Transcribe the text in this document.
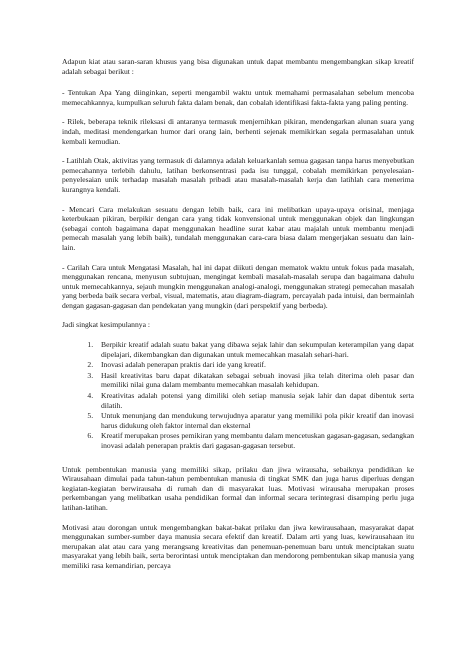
Adapun kiat atau saran-saran khusus yang bisa digunakan untuk dapat membantu mengembangkan sikap kreatif adalah sebagai berikut :

- Tentukan Apa Yang diinginkan, seperti mengambil waktu untuk memahami permasalahan sebelum mencoba memecahkannya, kumpulkan seluruh fakta dalam benak, dan cobalah identifikasi fakta-fakta yang paling penting.

- Rilek, beberapa teknik rileksasi di antaranya termasuk menjernihkan pikiran, mendengarkan alunan suara yang indah, meditasi mendengarkan humor dari orang lain, berhenti sejenak memikirkan segala permasalahan untuk kembali kemudian.

- Latihlah Otak, aktivitas yang termasuk di dalamnya adalah keluarkanlah semua gagasan tanpa harus menyebutkan pemecahannya terlebih dahulu, latihan berkonsentrasi pada isu tunggal, cobalah memikirkan penyelesaian- penyelesaian unik terhadap masalah masalah pribadi atau masalah-masalah kerja dan latihlah cara menerima kurangnya kendali.

- Mencari Cara melakukan sesuatu dengan lebih baik, cara ini melibatkan upaya-upaya orisinal, menjaga keterbukaan pikiran, berpikir dengan cara yang tidak konvensional untuk menggunakan objek dan lingkungan (sebagai contoh bagaimana dapat menggunakan headline surat kabar atau majalah untuk membantu menjadi pemecah masalah yang lebih baik), tundalah menggunakan cara-cara biasa dalam mengerjakan sesuatu dan lain-lain.

- Carilah Cara untuk Mengatasi Masalah, hal ini dapat diikuti dengan mematok waktu untuk fokus pada masalah, menggunakan rencana, menyusun subtujuan, mengingat kembali masalah-masalah serupa dan bagaimana dahulu untuk memecahkannya, sejauh mungkin menggunakan analogi-analogi, menggunakan strategi pemecahan masalah yang berbeda baik secara verbal, visual, matematis, atau diagram-diagram, percayalah pada intuisi, dan bermainlah dengan gagasan-gagasan dan pendekatan yang mungkin (dari perspektif yang berbeda).

Jadi singkat kesimpulannya :

1. Berpikir kreatif adalah suatu bakat yang dibawa sejak lahir dan sekumpulan keterampilan yang dapat dipelajari, dikembangkan dan digunakan untuk memecahkan masalah sehari-hari.
2. Inovasi adalah penerapan praktis dari ide yang kreatif.
3. Hasil kreativitas baru dapat dikatakan sebagai sebuah inovasi jika telah diterima oleh pasar dan memiliki nilai guna dalam membantu memecahkan masalah kehidupan.
4. Kreativitas adalah potensi yang dimiliki oleh setiap manusia sejak lahir dan dapat dibentuk serta dilatih.
5. Untuk menunjang dan mendukung terwujudnya aparatur yang memiliki pola pikir kreatif dan inovasi harus didukung oleh faktor internal dan eksternal
6. Kreatif merupakan proses pemikiran yang membantu dalam mencetuskan gagasan-gagasan, sedangkan inovasi adalah penerapan praktis dari gagasan-gagasan tersebut.

Untuk pembentukan manusia yang memiliki sikap, prilaku dan jiwa wirausaha, sebaiknya pendidikan ke Wirausahaan dimulai pada tahun-tahun pembentukan manusia di tingkat SMK dan juga harus diperluas dengan kegiatan-kegiatan berwirausaha di rumah dan di masyarakat luas. Motivasi wirausaha merupakan proses perkembangan yang melibatkan usaha pendidikan formal dan informal secara terintegrasi disamping perlu juga latihan-latihan.

Motivasi atau dorongan untuk mengembangkan bakat-bakat prilaku dan jiwa kewirausahaan, masyarakat dapat menggunakan sumber-sumber daya manusia secara efektif dan kreatif. Dalam arti yang luas, kewirausahaan itu merupakan alat atau cara yang merangsang kreativitas dan penemuan-penemuan baru untuk menciptakan suatu masyarakat yang lebih baik, serta berorintasi untuk menciptakan dan mendorong pembentukan sikap manusia yang memiliki rasa kemandirian, percaya
